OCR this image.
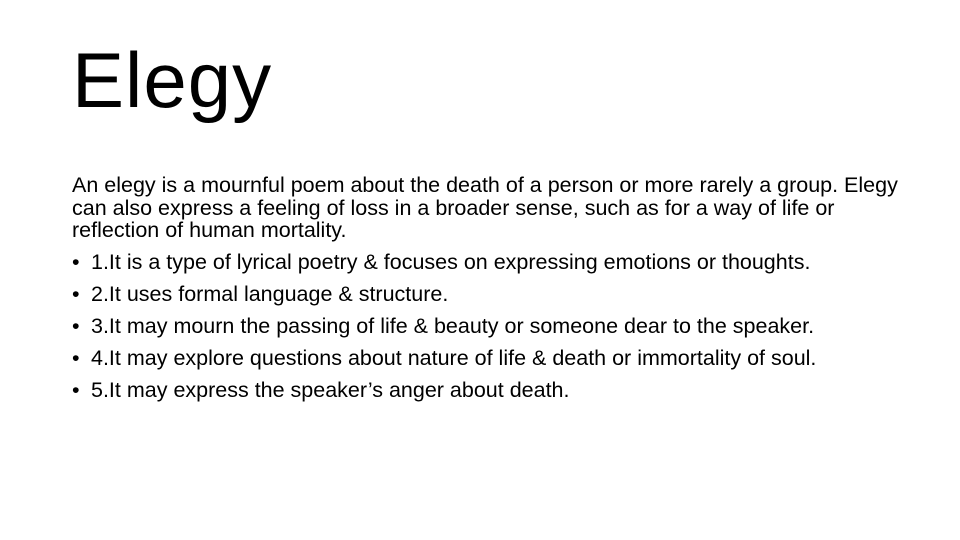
Elegy

An elegy is a mournful poem about the death of a person or more rarely a group. Elegy can also express a feeling of loss in a broader sense, such as for a way of life or reflection of human mortality.

• 1.It is a type of lyrical poetry & focuses on expressing emotions or thoughts.
• 2.It uses formal language & structure.
• 3.It may mourn the passing of life & beauty or someone dear to the speaker.
• 4.It may explore questions about nature of life & death or immortality of soul.
• 5.It may express the speaker’s anger about death.
